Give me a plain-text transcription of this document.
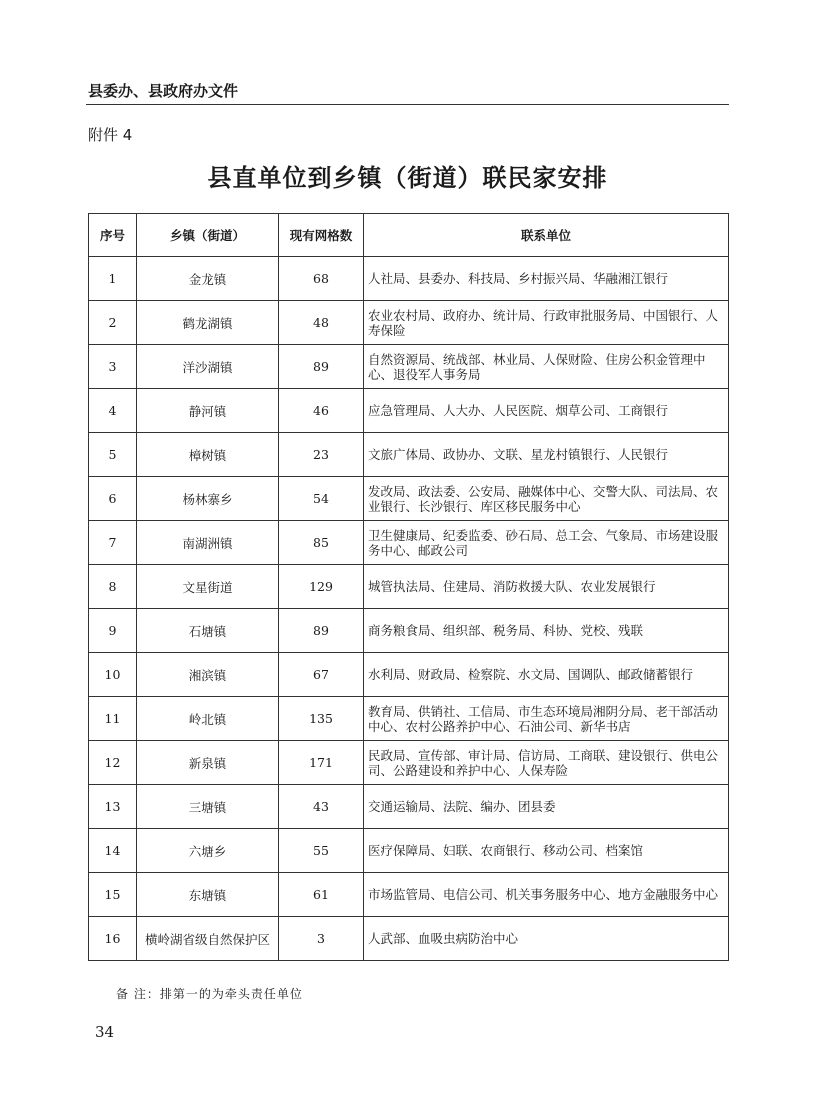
县委办、县政府办文件
附件 4
县直单位到乡镇（街道）联民家安排
序号	乡镇（街道）	现有网格数	联系单位
1	金龙镇	68	人社局、县委办、科技局、乡村振兴局、华融湘江银行
2	鹤龙湖镇	48	农业农村局、政府办、统计局、行政审批服务局、中国银行、人寿保险
3	洋沙湖镇	89	自然资源局、统战部、林业局、人保财险、住房公积金管理中心、退役军人事务局
4	静河镇	46	应急管理局、人大办、人民医院、烟草公司、工商银行
5	樟树镇	23	文旅广体局、政协办、文联、星龙村镇银行、人民银行
6	杨林寨乡	54	发改局、政法委、公安局、融媒体中心、交警大队、司法局、农业银行、长沙银行、库区移民服务中心
7	南湖洲镇	85	卫生健康局、纪委监委、砂石局、总工会、气象局、市场建设服务中心、邮政公司
8	文星街道	129	城管执法局、住建局、消防救援大队、农业发展银行
9	石塘镇	89	商务粮食局、组织部、税务局、科协、党校、残联
10	湘滨镇	67	水利局、财政局、检察院、水文局、国调队、邮政储蓄银行
11	岭北镇	135	教育局、供销社、工信局、市生态环境局湘阴分局、老干部活动中心、农村公路养护中心、石油公司、新华书店
12	新泉镇	171	民政局、宣传部、审计局、信访局、工商联、建设银行、供电公司、公路建设和养护中心、人保寿险
13	三塘镇	43	交通运输局、法院、编办、团县委
14	六塘乡	55	医疗保障局、妇联、农商银行、移动公司、档案馆
15	东塘镇	61	市场监管局、电信公司、机关事务服务中心、地方金融服务中心
16	横岭湖省级自然保护区	3	人武部、血吸虫病防治中心
备 注：排第一的为牵头责任单位
34
